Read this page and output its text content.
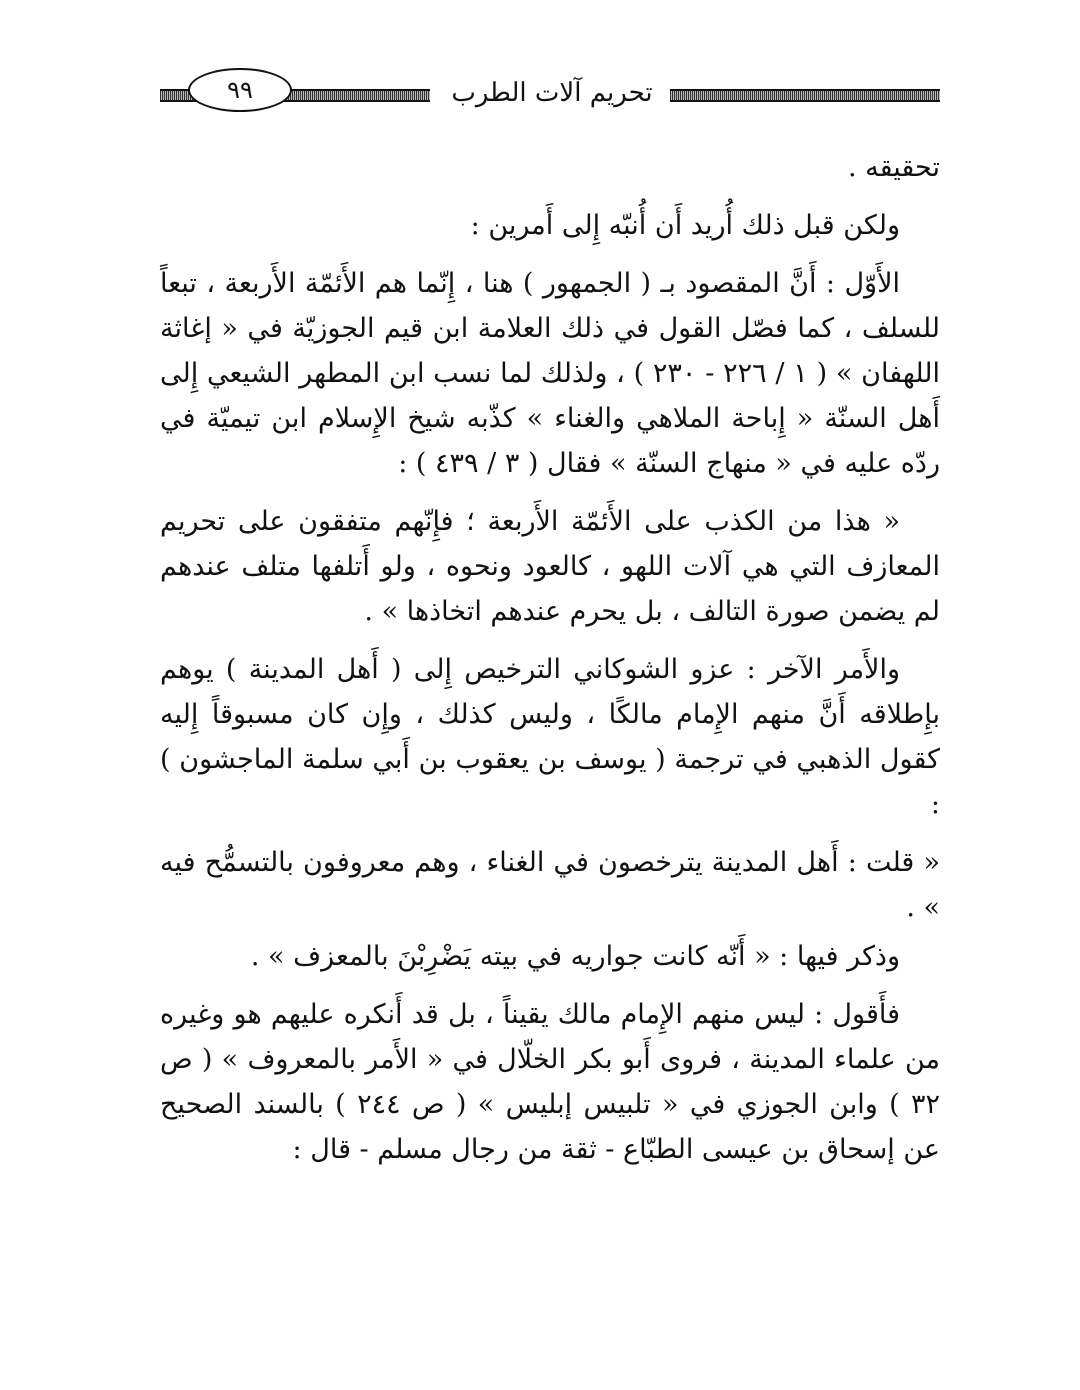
تحريم آلات الطرب
٩٩

تحقيقه .

ولكن قبل ذلك أُريد أَن أُنبّه إِلى أَمرين :

الأَوّل : أَنَّ المقصود بـ ( الجمهور ) هنا ، إِنّما هم الأَئمّة الأَربعة ، تبعاً للسلف ، كما فصّل القول في ذلك العلامة ابن قيم الجوزيّة في « إغاثة اللهفان » ( ١ / ٢٢٦ - ٢٣٠ ) ، ولذلك لما نسب ابن المطهر الشيعي إِلى أَهل السنّة « إِباحة الملاهي والغناء » كذّبه شيخ الإِسلام ابن تيميّة في ردّه عليه في « منهاج السنّة » فقال ( ٣ / ٤٣٩ ) :

« هذا من الكذب على الأَئمّة الأَربعة ؛ فإِنّهم متفقون على تحريم المعازف التي هي آلات اللهو ، كالعود ونحوه ، ولو أَتلفها متلف عندهم لم يضمن صورة التالف ، بل يحرم عندهم اتخاذها » .

والأَمر الآخر : عزو الشوكاني الترخيص إِلى ( أَهل المدينة ) يوهم بإِطلاقه أَنَّ منهم الإِمام مالكًا ، وليس كذلك ، وإِن كان مسبوقاً إِليه كقول الذهبي في ترجمة ( يوسف بن يعقوب بن أَبي سلمة الماجشون ) :

« قلت : أَهل المدينة يترخصون في الغناء ، وهم معروفون بالتسمُّح فيه » .

وذكر فيها : « أَنّه كانت جواريه في بيته يَضْرِبْنَ بالمعزف » .

فأَقول : ليس منهم الإِمام مالك يقيناً ، بل قد أَنكره عليهم هو وغيره من علماء المدينة ، فروى أَبو بكر الخلّال في « الأَمر بالمعروف » ( ص ٣٢ ) وابن الجوزي في « تلبيس إبليس » ( ص ٢٤٤ ) بالسند الصحيح عن إسحاق بن عيسى الطبّاع - ثقة من رجال مسلم - قال :
